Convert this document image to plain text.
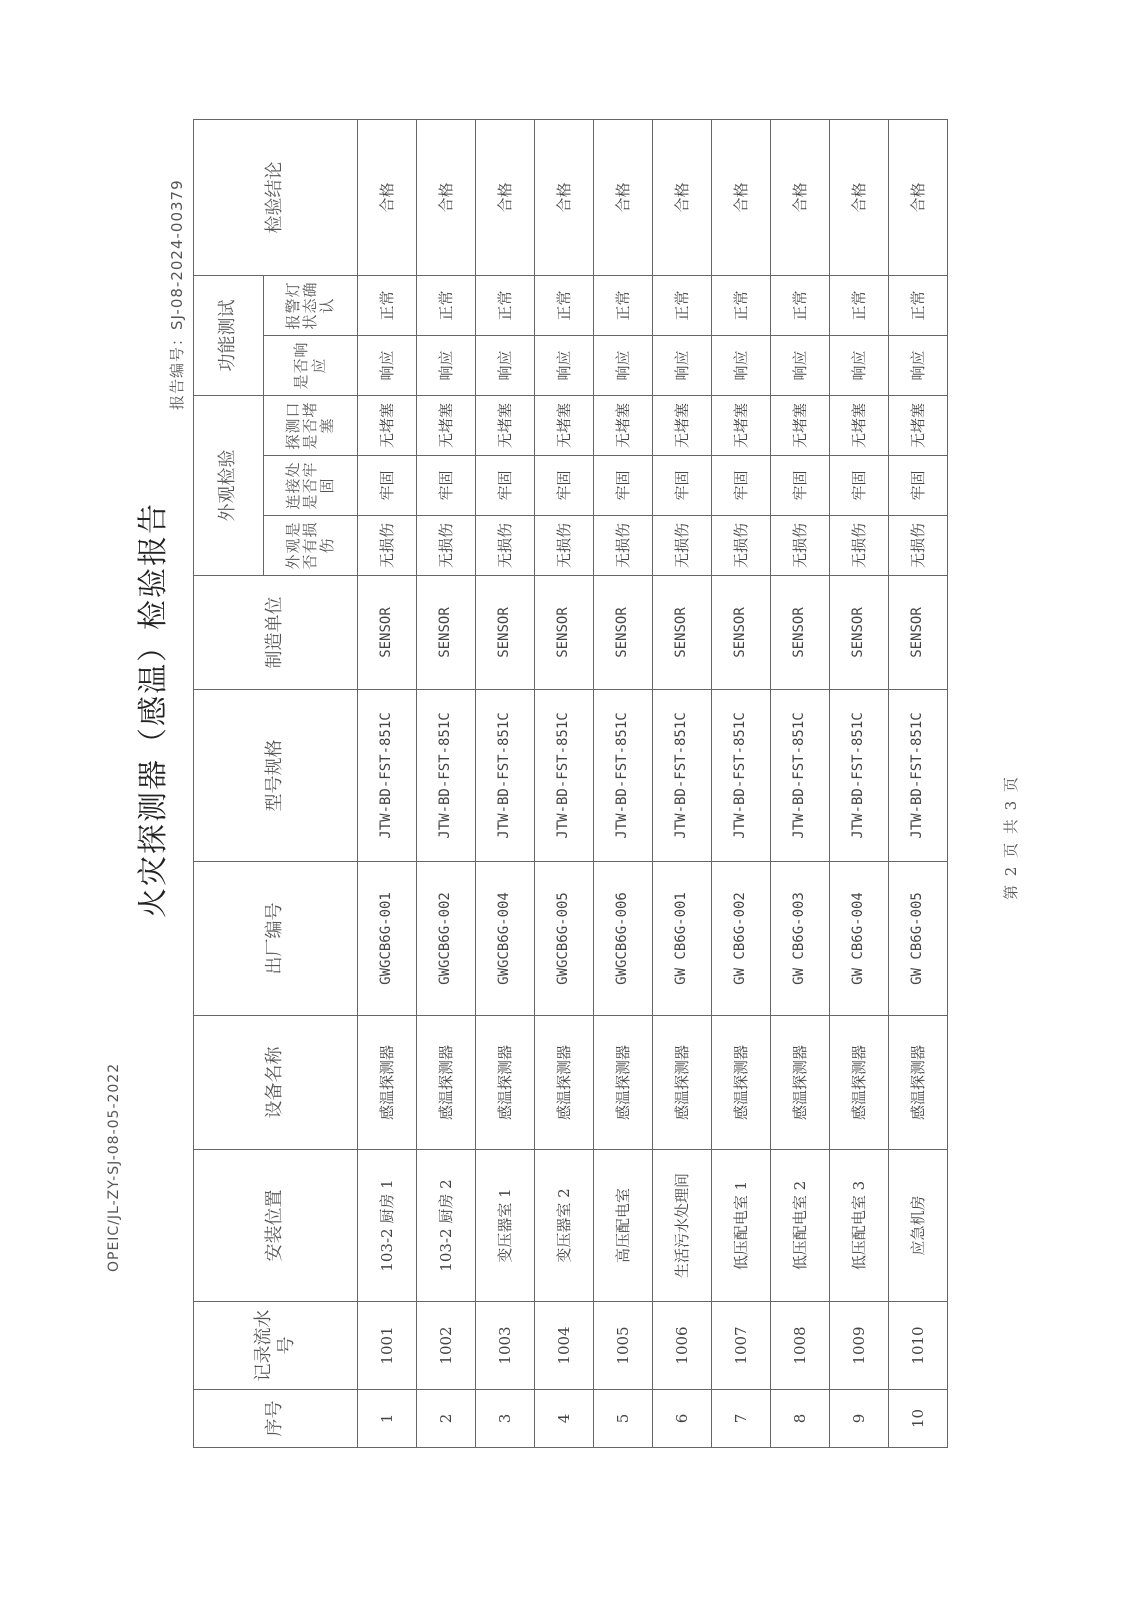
OPEIC/JL-ZY-SJ-08-05-2022
火灾探测器（感温）检验报告
报告编号：SJ-08-2024-00379
序号	记录流水号	安装位置	设备名称	出厂编号	型号规格	制造单位	外观检验			功能测试		检验结论
							外观是否有损伤	连接处是否牢固	探测口是否堵塞	是否响应	报警灯状态确认	
1	1001	103-2 厨房 1	感温探测器	GWGCB6G-001	JTW-BD-FST-851C	SENSOR	无损伤	牢固	无堵塞	响应	正常	合格
2	1002	103-2 厨房 2	感温探测器	GWGCB6G-002	JTW-BD-FST-851C	SENSOR	无损伤	牢固	无堵塞	响应	正常	合格
3	1003	变压器室 1	感温探测器	GWGCB6G-004	JTW-BD-FST-851C	SENSOR	无损伤	牢固	无堵塞	响应	正常	合格
4	1004	变压器室 2	感温探测器	GWGCB6G-005	JTW-BD-FST-851C	SENSOR	无损伤	牢固	无堵塞	响应	正常	合格
5	1005	高压配电室	感温探测器	GWGCB6G-006	JTW-BD-FST-851C	SENSOR	无损伤	牢固	无堵塞	响应	正常	合格
6	1006	生活污水处理间	感温探测器	GW CB6G-001	JTW-BD-FST-851C	SENSOR	无损伤	牢固	无堵塞	响应	正常	合格
7	1007	低压配电室 1	感温探测器	GW CB6G-002	JTW-BD-FST-851C	SENSOR	无损伤	牢固	无堵塞	响应	正常	合格
8	1008	低压配电室 2	感温探测器	GW CB6G-003	JTW-BD-FST-851C	SENSOR	无损伤	牢固	无堵塞	响应	正常	合格
9	1009	低压配电室 3	感温探测器	GW CB6G-004	JTW-BD-FST-851C	SENSOR	无损伤	牢固	无堵塞	响应	正常	合格
10	1010	应急机房	感温探测器	GW CB6G-005	JTW-BD-FST-851C	SENSOR	无损伤	牢固	无堵塞	响应	正常	合格
第 2 页 共 3 页
